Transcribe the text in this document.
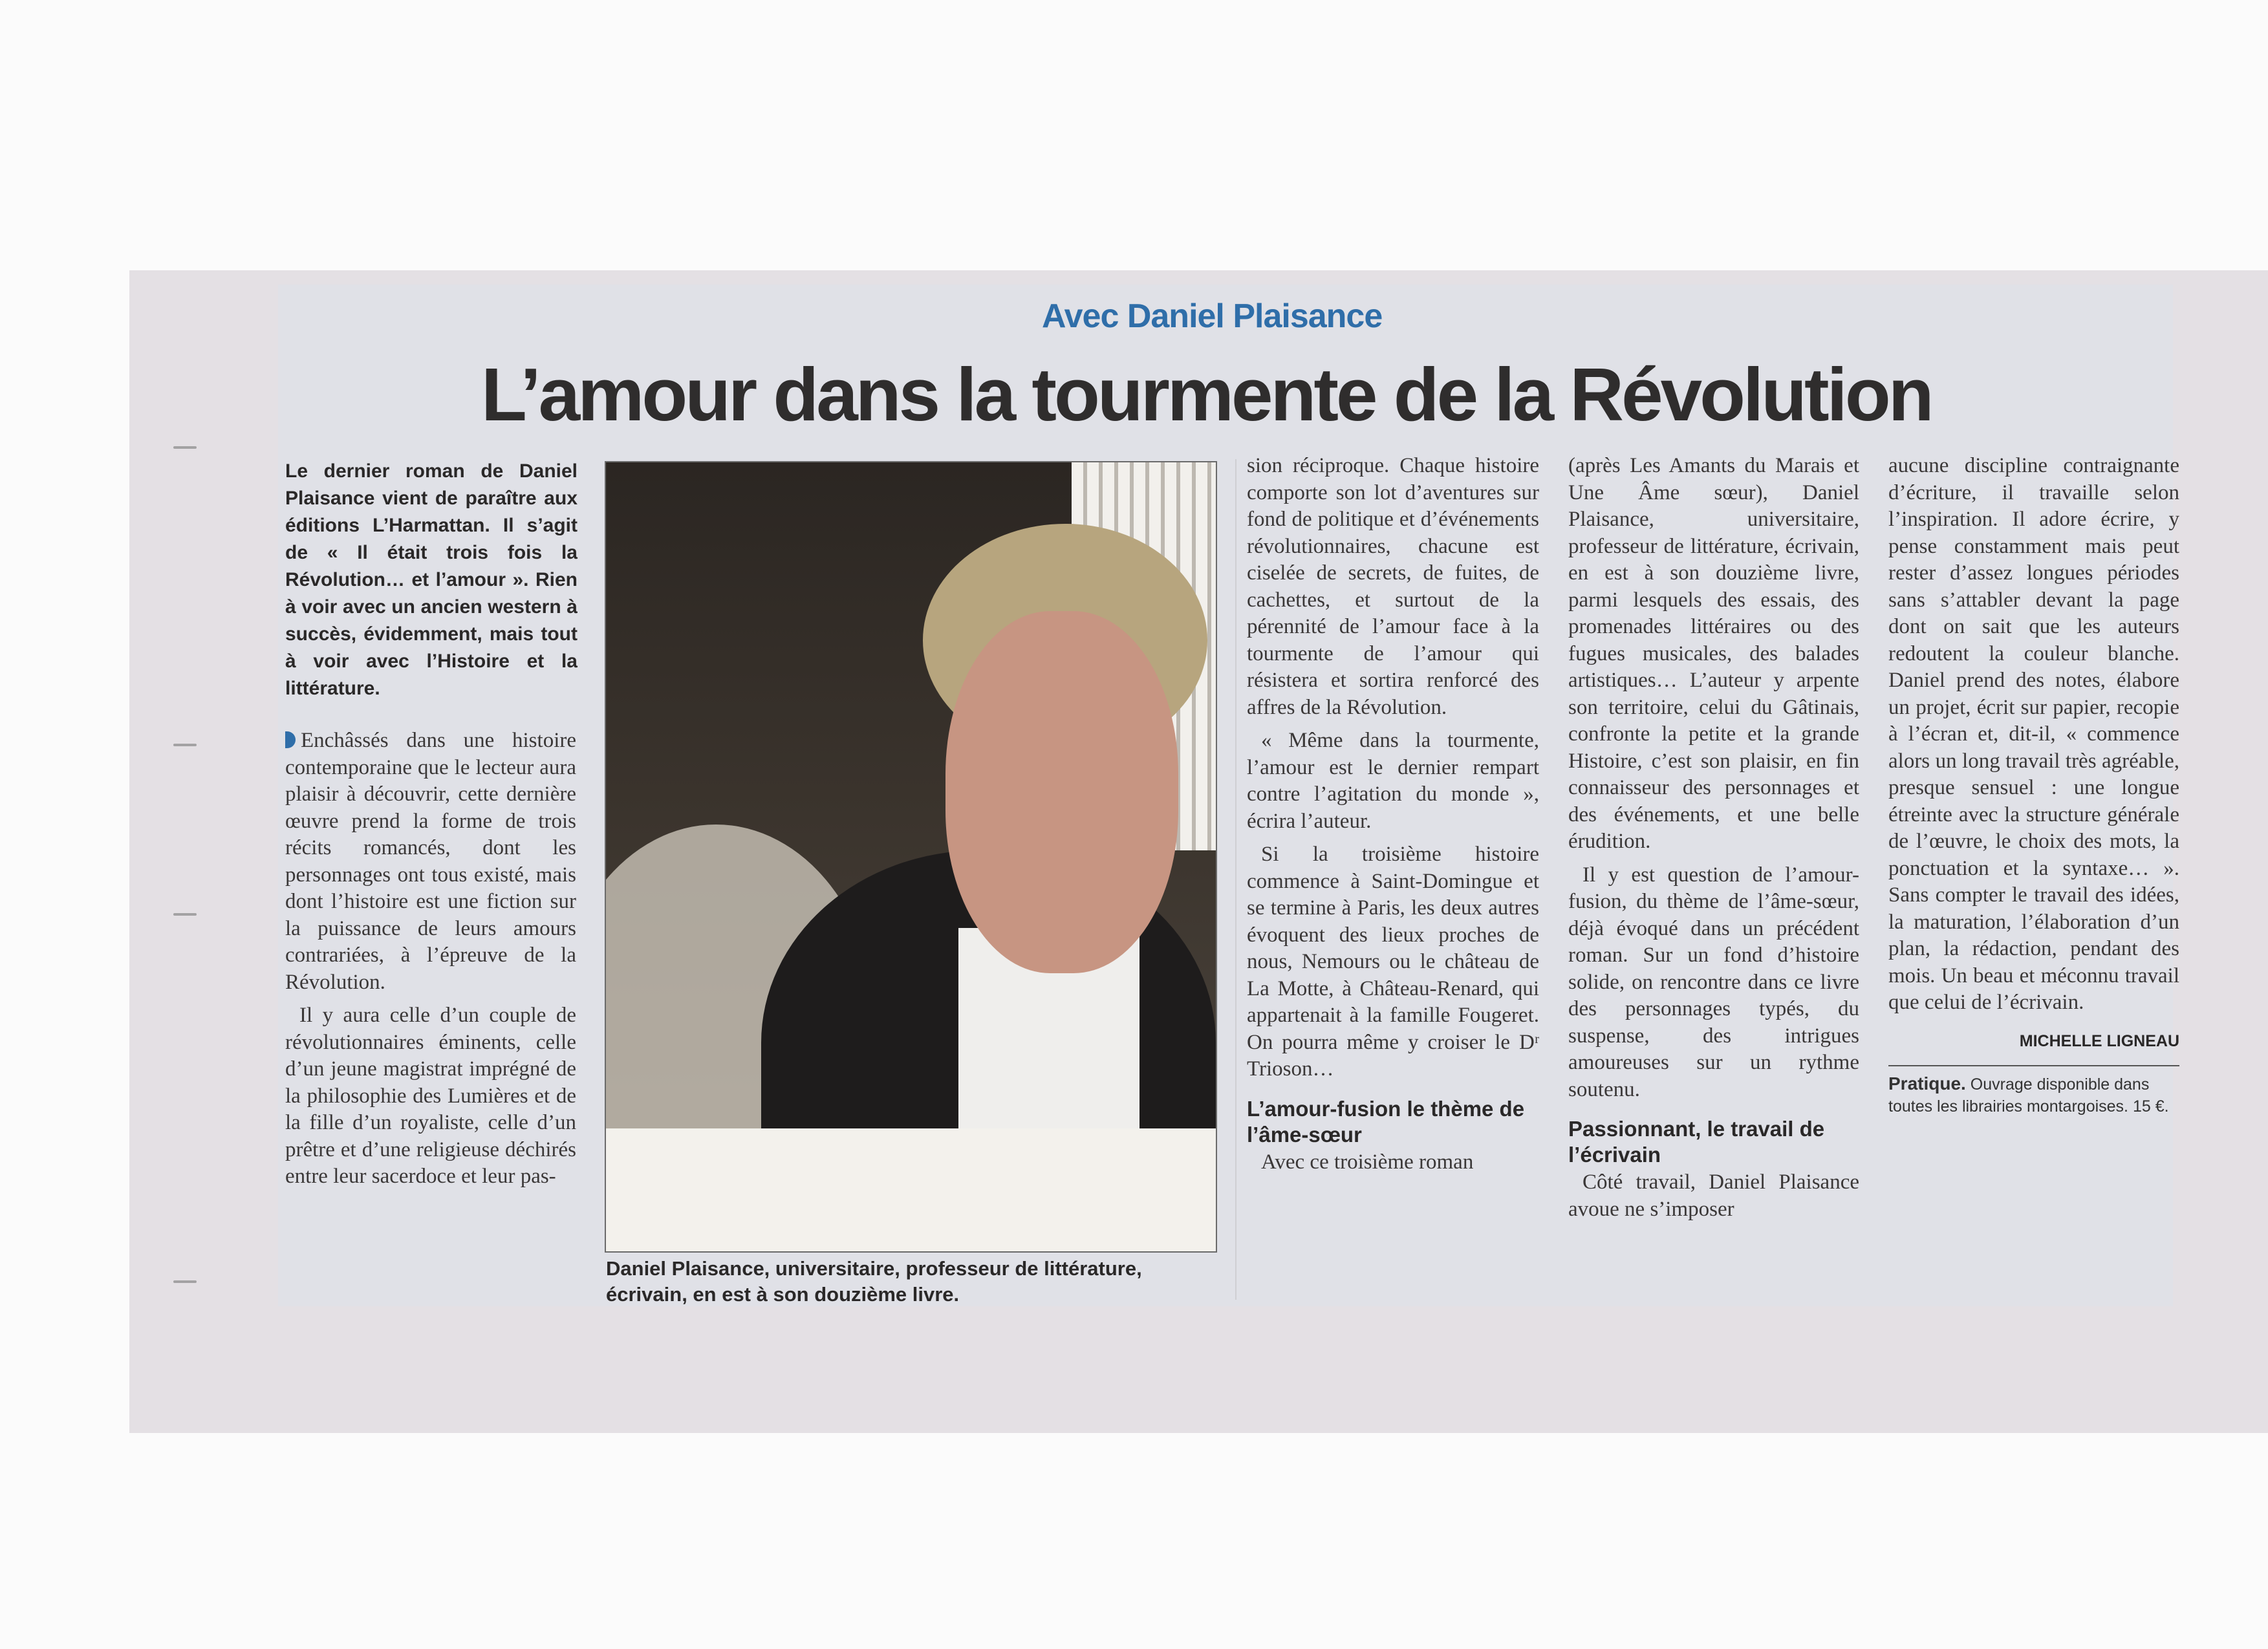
Avec Daniel Plaisance
L’amour dans la tourmente de la Révolution
Le dernier roman de Daniel Plaisance vient de paraître aux éditions L’Harmattan. Il s’agit de « Il était trois fois la Révolution… et l’amour ». Rien à voir avec un ancien western à succès, évidemment, mais tout à voir avec l’Histoire et la littérature.

Enchâssés dans une histoire contemporaine que le lecteur aura plaisir à découvrir, cette dernière œuvre prend la forme de trois récits romancés, dont les personnages ont tous existé, mais dont l’histoire est une fiction sur la puissance de leurs amours contrariées, à l’épreuve de la Révolution.

Il y aura celle d’un couple de révolutionnaires éminents, celle d’un jeune magistrat imprégné de la philosophie des Lumières et de la fille d’un royaliste, celle d’un prêtre et d’une religieuse déchirés entre leur sacerdoce et leur pas-

Daniel Plaisance, universitaire, professeur de littérature, écrivain, en est à son douzième livre.

sion réciproque. Chaque histoire comporte son lot d’aventures sur fond de politique et d’événements révolutionnaires, chacune est ciselée de secrets, de fuites, de cachettes, et surtout de la pérennité de l’amour face à la tourmente de l’amour qui résistera et sortira renforcé des affres de la Révolution.

« Même dans la tourmente, l’amour est le dernier rempart contre l’agitation du monde », écrira l’auteur.

Si la troisième histoire commence à Saint-Domingue et se termine à Paris, les deux autres évoquent des lieux proches de nous, Nemours ou le château de La Motte, à Château-Renard, qui appartenait à la famille Fougeret. On pourra même y croiser le Dʳ Trioson…

L’amour-fusion le thème de l’âme-sœur

Avec ce troisième roman

(après Les Amants du Marais et Une Âme sœur), Daniel Plaisance, universitaire, professeur de littérature, écrivain, en est à son douzième livre, parmi lesquels des essais, des promenades littéraires ou des fugues musicales, des balades artistiques… L’auteur y arpente son territoire, celui du Gâtinais, confronte la petite et la grande Histoire, c’est son plaisir, en fin connaisseur des personnages et des événements, et une belle érudition.

Il y est question de l’amour-fusion, du thème de l’âme-sœur, déjà évoqué dans un précédent roman. Sur un fond d’histoire solide, on rencontre dans ce livre des personnages typés, du suspense, des intrigues amoureuses sur un rythme soutenu.

Passionnant, le travail de l’écrivain

Côté travail, Daniel Plaisance avoue ne s’imposer

aucune discipline contraignante d’écriture, il travaille selon l’inspiration. Il adore écrire, y pense constamment mais peut rester d’assez longues périodes sans s’attabler devant la page dont on sait que les auteurs redoutent la couleur blanche. Daniel prend des notes, élabore un projet, écrit sur papier, recopie à l’écran et, dit-il, « commence alors un long travail très agréable, presque sensuel : une longue étreinte avec la structure générale de l’œuvre, le choix des mots, la ponctuation et la syntaxe… ». Sans compter le travail des idées, la maturation, l’élaboration d’un plan, la rédaction, pendant des mois. Un beau et méconnu travail que celui de l’écrivain.

MICHELLE LIGNEAU
Pratique. Ouvrage disponible dans toutes les librairies montargoises. 15 €.
